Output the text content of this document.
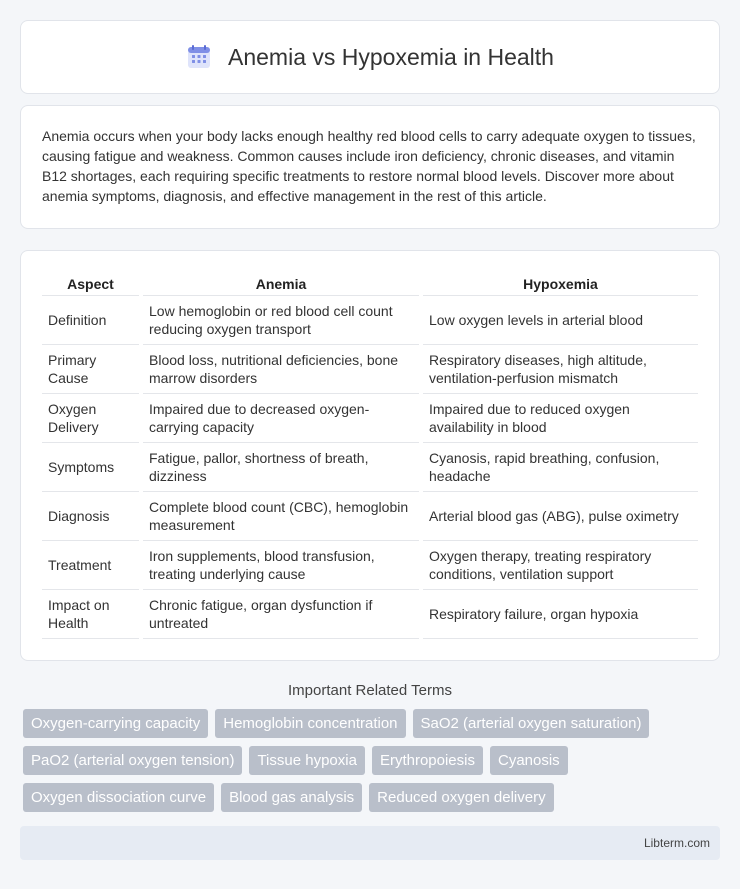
Anemia vs Hypoxemia in Health

Anemia occurs when your body lacks enough healthy red blood cells to carry adequate oxygen to tissues, causing fatigue and weakness. Common causes include iron deficiency, chronic diseases, and vitamin B12 shortages, each requiring specific treatments to restore normal blood levels. Discover more about anemia symptoms, diagnosis, and effective management in the rest of this article.

Aspect	Anemia	Hypoxemia
Definition	Low hemoglobin or red blood cell count reducing oxygen transport	Low oxygen levels in arterial blood
Primary Cause	Blood loss, nutritional deficiencies, bone marrow disorders	Respiratory diseases, high altitude, ventilation-perfusion mismatch
Oxygen Delivery	Impaired due to decreased oxygen-carrying capacity	Impaired due to reduced oxygen availability in blood
Symptoms	Fatigue, pallor, shortness of breath, dizziness	Cyanosis, rapid breathing, confusion, headache
Diagnosis	Complete blood count (CBC), hemoglobin measurement	Arterial blood gas (ABG), pulse oximetry
Treatment	Iron supplements, blood transfusion, treating underlying cause	Oxygen therapy, treating respiratory conditions, ventilation support
Impact on Health	Chronic fatigue, organ dysfunction if untreated	Respiratory failure, organ hypoxia
Important Related Terms
Oxygen-carrying capacity	Hemoglobin concentration	SaO2 (arterial oxygen saturation)
PaO2 (arterial oxygen tension)	Tissue hypoxia	Erythropoiesis	Cyanosis
Oxygen dissociation curve	Blood gas analysis	Reduced oxygen delivery
Libterm.com
